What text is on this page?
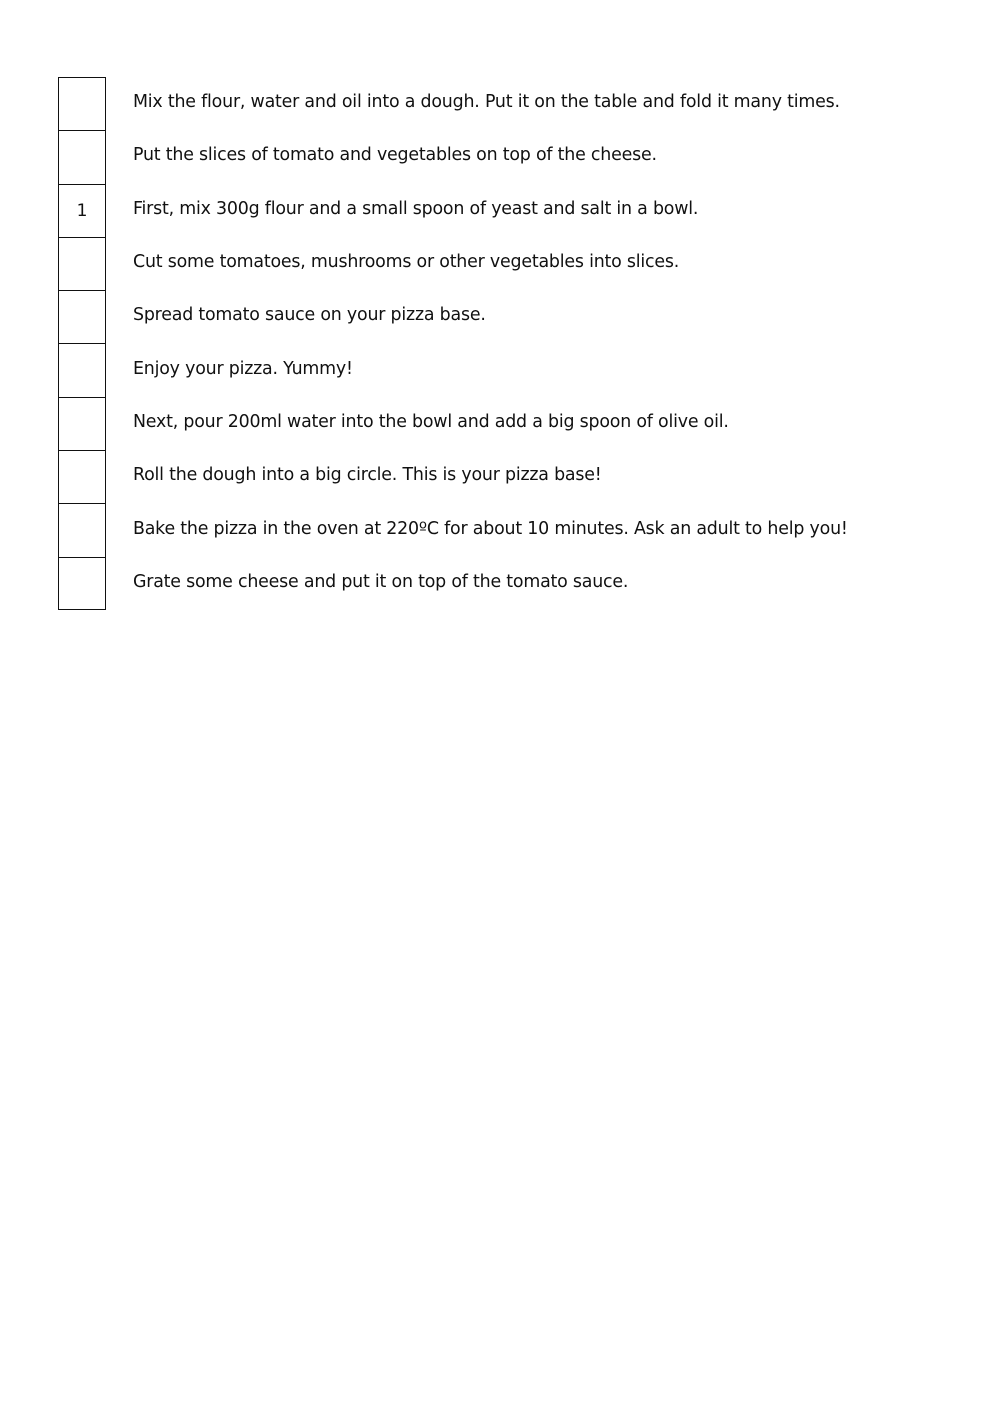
Mix the flour, water and oil into a dough. Put it on the table and fold it many times.
Put the slices of tomato and vegetables on top of the cheese.
1	First, mix 300g flour and a small spoon of yeast and salt in a bowl.
Cut some tomatoes, mushrooms or other vegetables into slices.
Spread tomato sauce on your pizza base.
Enjoy your pizza. Yummy!
Next, pour 200ml water into the bowl and add a big spoon of olive oil.
Roll the dough into a big circle. This is your pizza base!
Bake the pizza in the oven at 220ºC for about 10 minutes. Ask an adult to help you!
Grate some cheese and put it on top of the tomato sauce.
